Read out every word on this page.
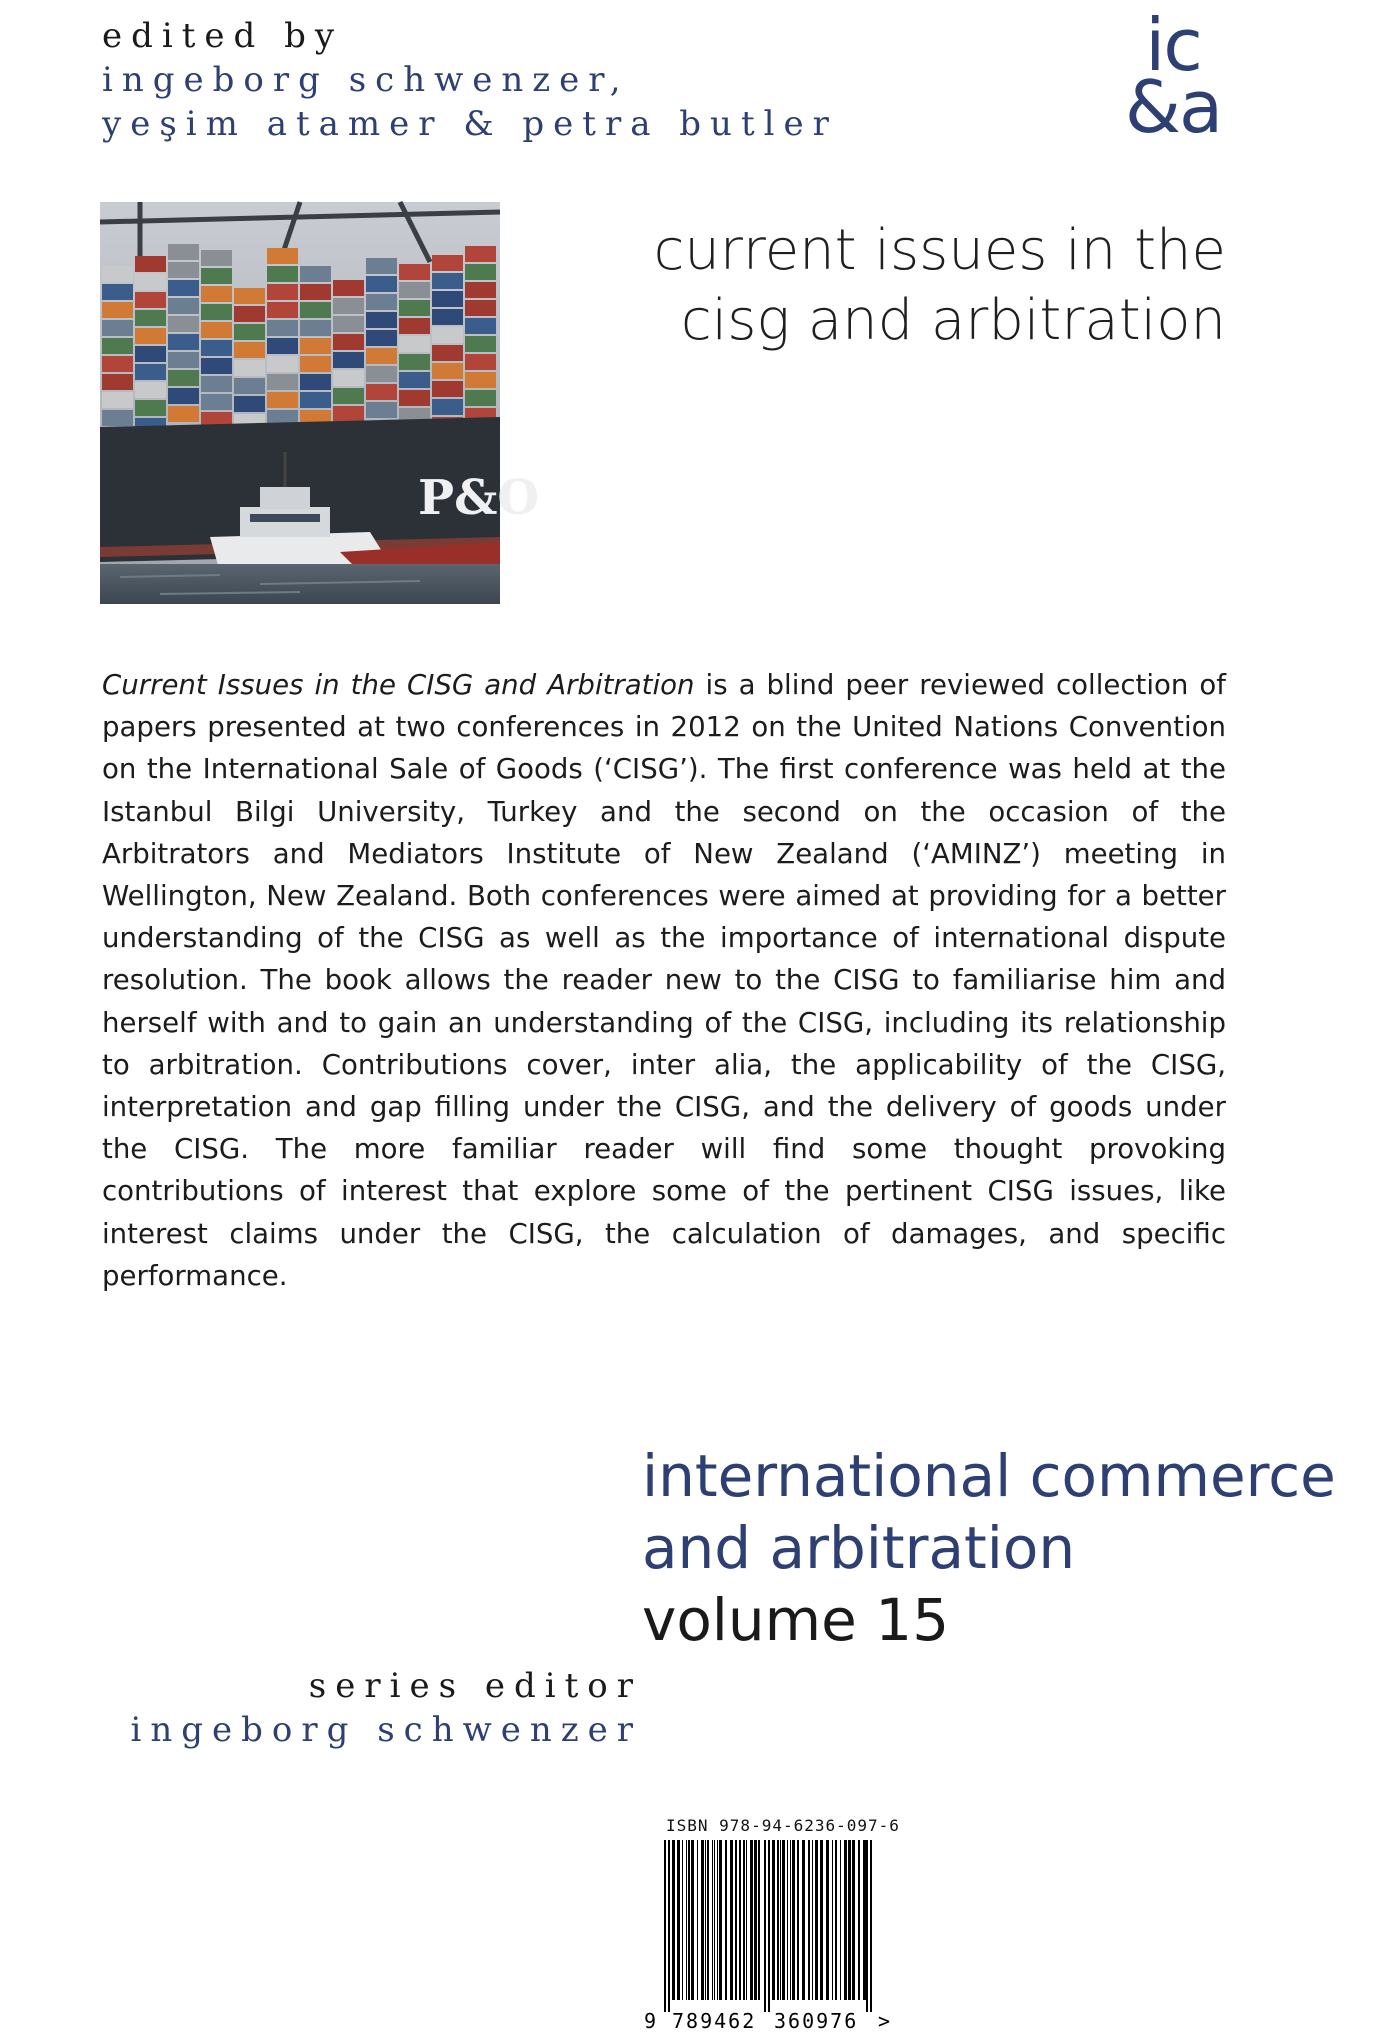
edited by
ingeborg schwenzer,
yeşim atamer & petra butler
ic
&a
P&O
current issues in the
cisg and arbitration
Current Issues in the CISG and Arbitration is a blind peer reviewed collection of papers presented at two conferences in 2012 on the United Nations Convention on the International Sale of Goods (‘CISG’). The first conference was held at the Istanbul Bilgi University, Turkey and the second on the occasion of the Arbitrators and Mediators Institute of New Zealand (‘AMINZ’) meeting in Wellington, New Zealand. Both conferences were aimed at providing for a better understanding of the CISG as well as the importance of international dispute resolution. The book allows the reader new to the CISG to familiarise him and herself with and to gain an understanding of the CISG, including its relationship to arbitration. Contributions cover, inter alia, the applicability of the CISG, interpretation and gap filling under the CISG, and the delivery of goods under the CISG. The more familiar reader will find some thought provoking contributions of interest that explore some of the pertinent CISG issues, like interest claims under the CISG, the calculation of damages, and specific performance.
international commerce
and arbitration
volume 15
series editor
ingeborg schwenzer
ISBN 978-94-6236-097-6
9 789462 360976 >
